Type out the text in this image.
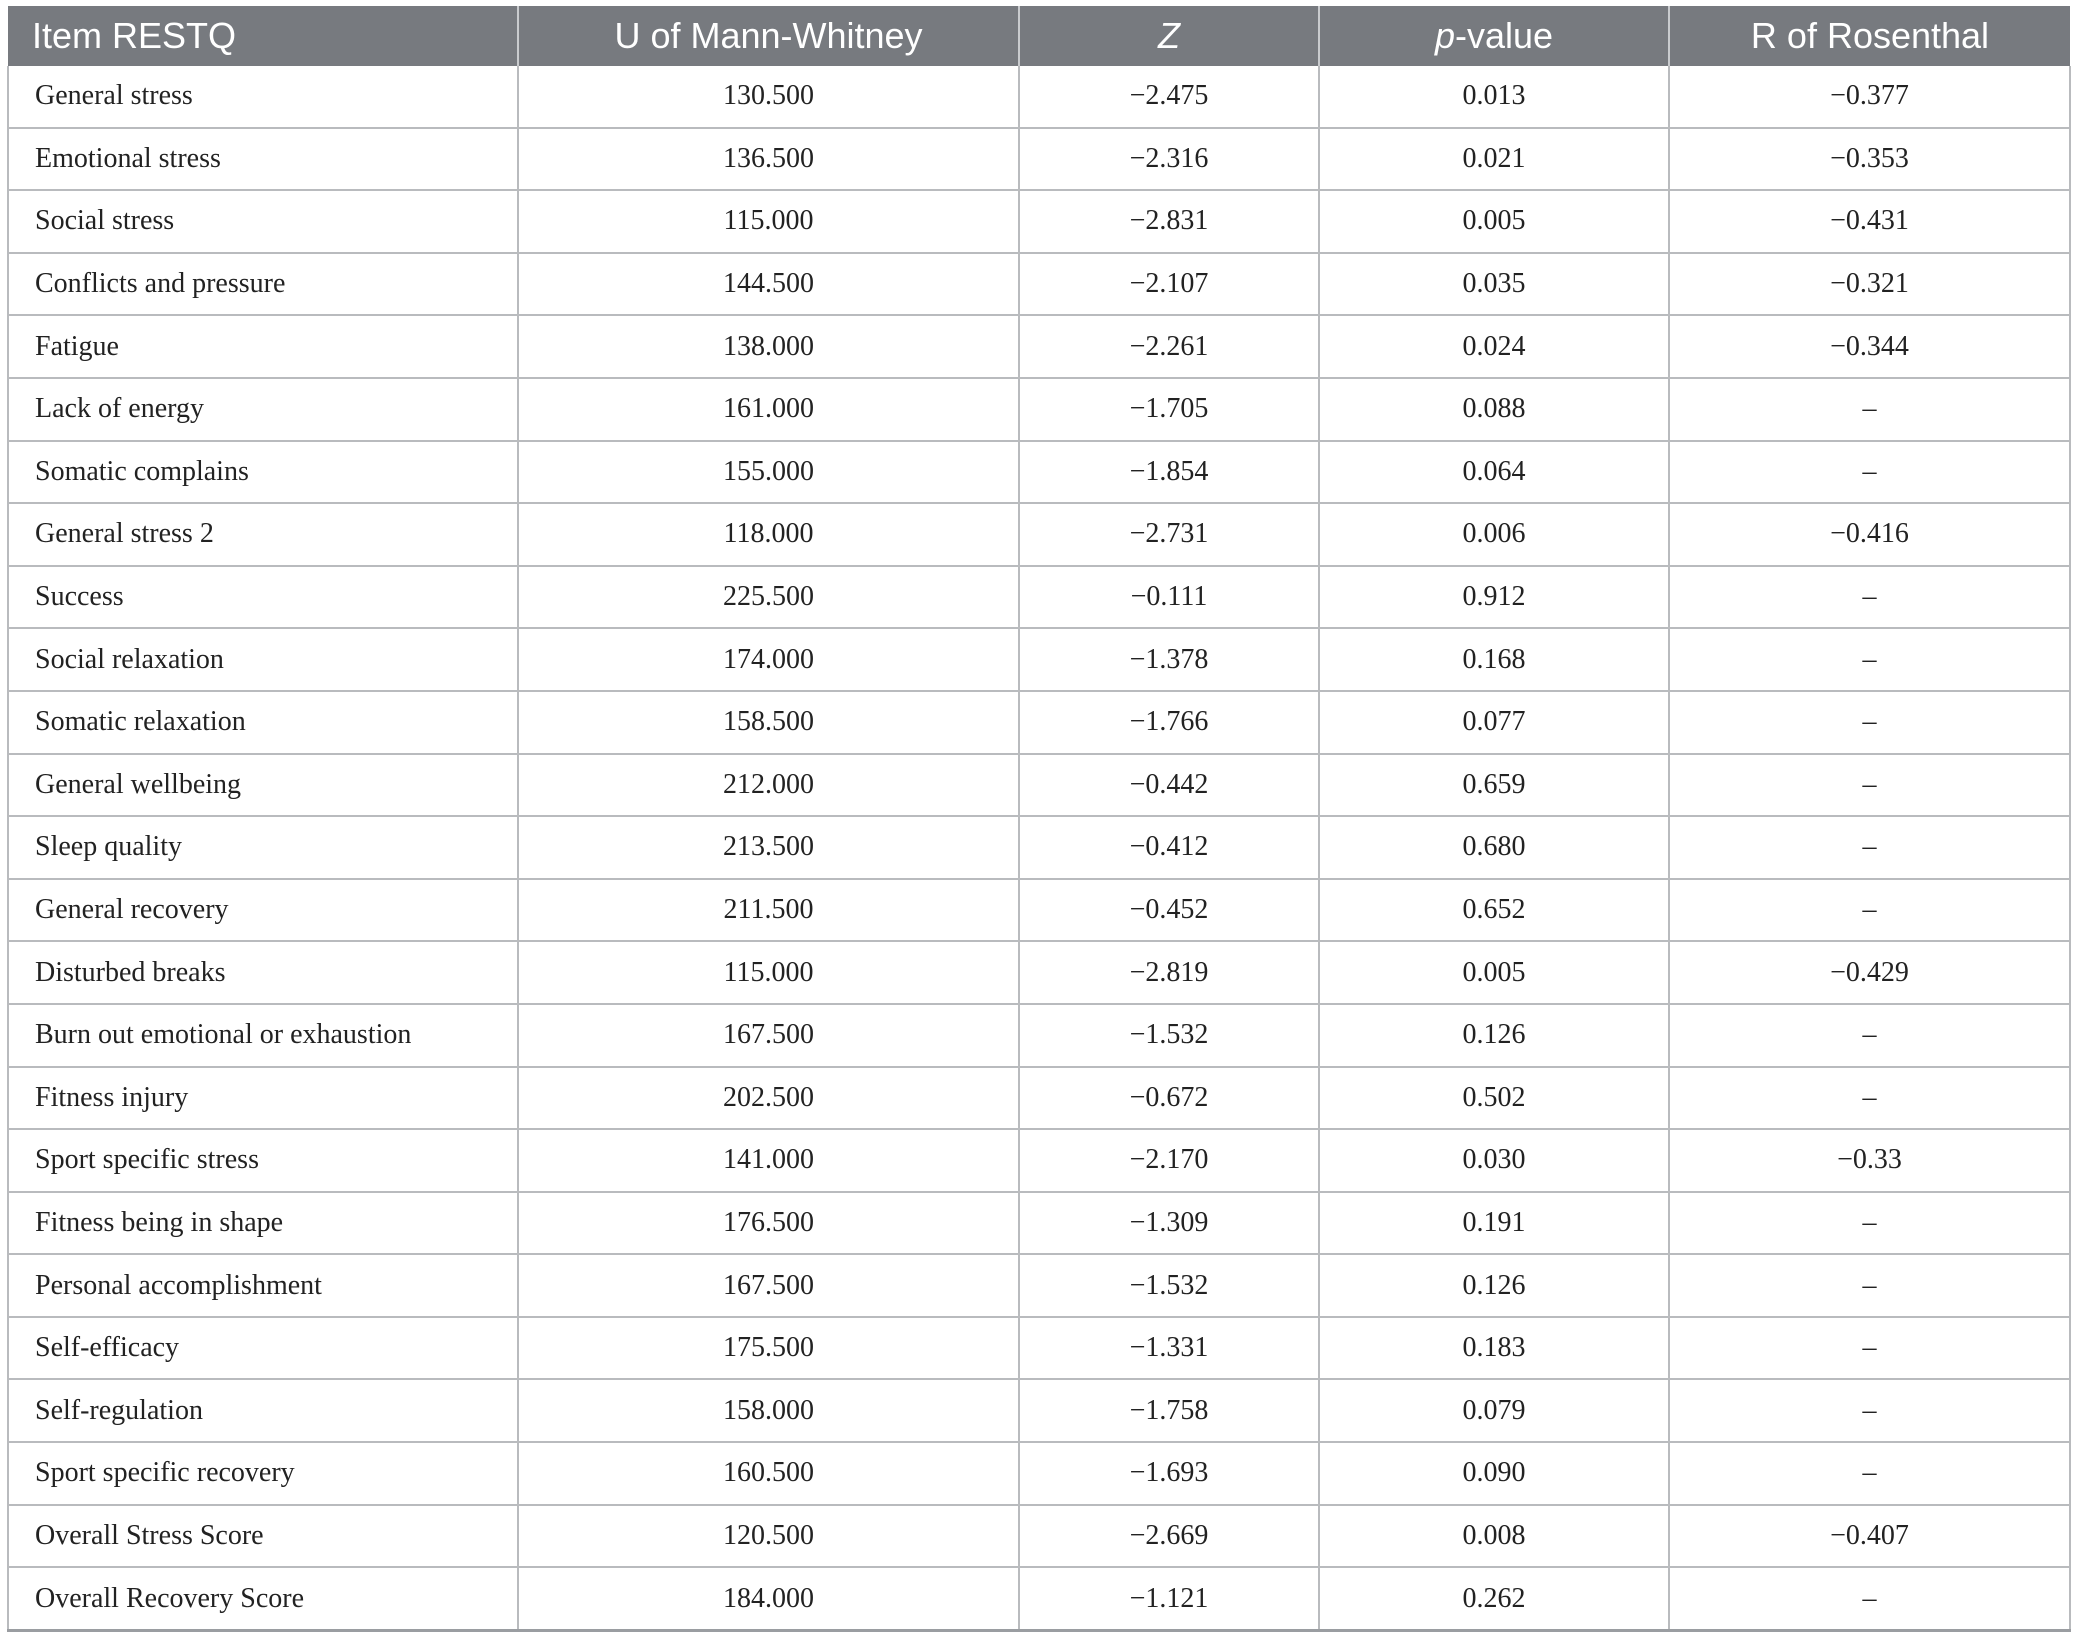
Item RESTQ	U of Mann-Whitney	Z	p-value	R of Rosenthal
General stress	130.500	−2.475	0.013	−0.377
Emotional stress	136.500	−2.316	0.021	−0.353
Social stress	115.000	−2.831	0.005	−0.431
Conflicts and pressure	144.500	−2.107	0.035	−0.321
Fatigue	138.000	−2.261	0.024	−0.344
Lack of energy	161.000	−1.705	0.088	–
Somatic complains	155.000	−1.854	0.064	–
General stress 2	118.000	−2.731	0.006	−0.416
Success	225.500	−0.111	0.912	–
Social relaxation	174.000	−1.378	0.168	–
Somatic relaxation	158.500	−1.766	0.077	–
General wellbeing	212.000	−0.442	0.659	–
Sleep quality	213.500	−0.412	0.680	–
General recovery	211.500	−0.452	0.652	–
Disturbed breaks	115.000	−2.819	0.005	−0.429
Burn out emotional or exhaustion	167.500	−1.532	0.126	–
Fitness injury	202.500	−0.672	0.502	–
Sport specific stress	141.000	−2.170	0.030	−0.33
Fitness being in shape	176.500	−1.309	0.191	–
Personal accomplishment	167.500	−1.532	0.126	–
Self-efficacy	175.500	−1.331	0.183	–
Self-regulation	158.000	−1.758	0.079	–
Sport specific recovery	160.500	−1.693	0.090	–
Overall Stress Score	120.500	−2.669	0.008	−0.407
Overall Recovery Score	184.000	−1.121	0.262	–
